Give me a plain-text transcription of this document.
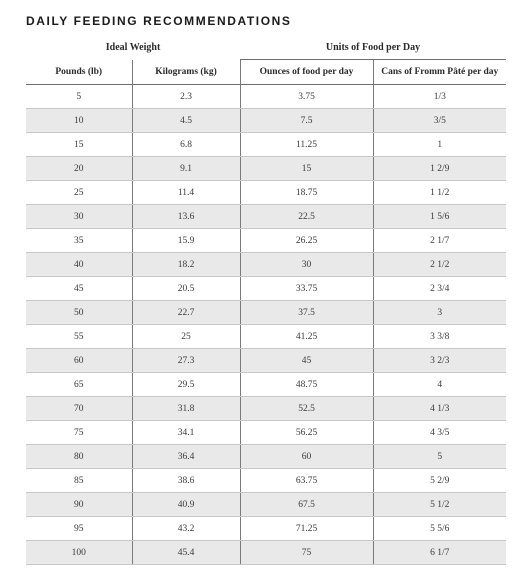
DAILY FEEDING RECOMMENDATIONS
Ideal Weight		Units of Food per Day	
Pounds (lb)	Kilograms (kg)	Ounces of food per day	Cans of Fromm Pâté per day
5	2.3	3.75	1/3
10	4.5	7.5	3/5
15	6.8	11.25	1
20	9.1	15	1 2/9
25	11.4	18.75	1 1/2
30	13.6	22.5	1 5/6
35	15.9	26.25	2 1/7
40	18.2	30	2 1/2
45	20.5	33.75	2 3/4
50	22.7	37.5	3
55	25	41.25	3 3/8
60	27.3	45	3 2/3
65	29.5	48.75	4
70	31.8	52.5	4 1/3
75	34.1	56.25	4 3/5
80	36.4	60	5
85	38.6	63.75	5 2/9
90	40.9	67.5	5 1/2
95	43.2	71.25	5 5/6
100	45.4	75	6 1/7
